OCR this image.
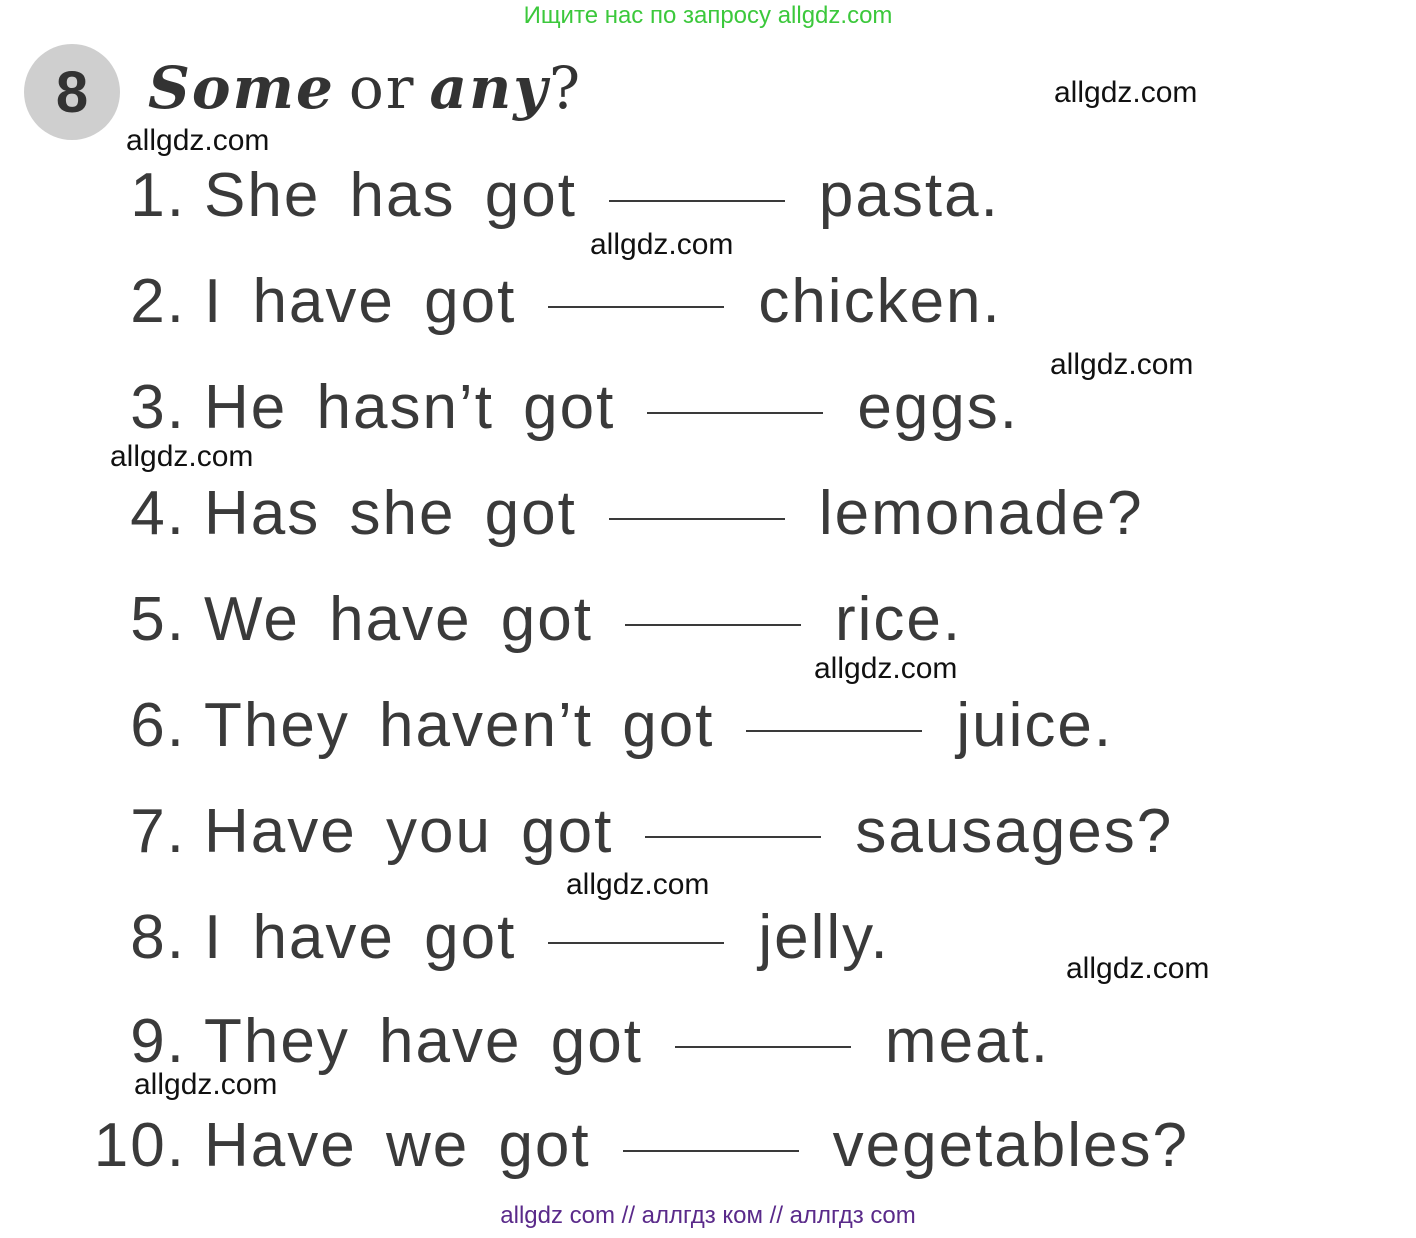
Ищите нас по запросу allgdz.com
8	Some or any?	allgdz.com
allgdz.com
allgdz.com
allgdz.com
allgdz.com
allgdz.com
allgdz.com
allgdz.com
allgdz.com
1. She has got	pasta.
2. I have got	chicken.
3. He hasn’t got	eggs.
4. Has she got	lemonade?
5. We have got	rice.
6. They haven’t got	juice.
7. Have you got	sausages?
8. I have got	jelly.
9. They have got	meat.
10. Have we got	vegetables?
allgdz com // аллгдз ком // аллгдз com
